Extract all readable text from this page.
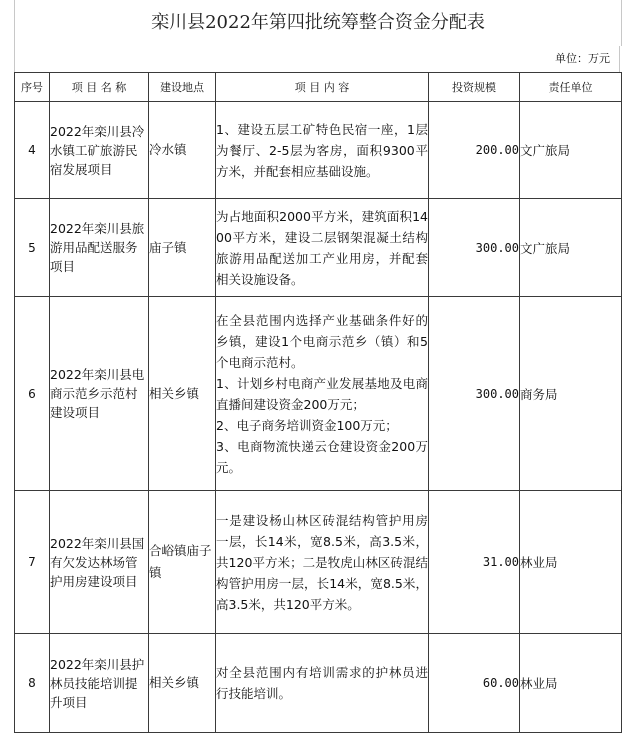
栾川县2022年第四批统筹整合资金分配表
单位：万元
序号	项 目 名 称	建设地点	项 目 内 容	投资规模	责任单位
4	2022年栾川县冷水镇工矿旅游民宿发展项目	冷水镇	1、建设五层工矿特色民宿一座，1层为餐厅、2-5层为客房，面积9300平方米，并配套相应基础设施。	200.00	文广旅局
5	2022年栾川县旅游用品配送服务项目	庙子镇	为占地面积2000平方米，建筑面积1400平方米，建设二层钢架混凝土结构旅游用品配送加工产业用房，并配套相关设施设备。	300.00	文广旅局
6	2022年栾川县电商示范乡示范村建设项目	相关乡镇	在全县范围内选择产业基础条件好的乡镇，建设1个电商示范乡（镇）和5个电商示范村。
1、计划乡村电商产业发展基地及电商直播间建设资金200万元；
2、电子商务培训资金100万元；
3、电商物流快递云仓建设资金200万元。	300.00	商务局
7	2022年栾川县国有欠发达林场管护用房建设项目	合峪镇庙子镇	一是建设杨山林区砖混结构管护用房一层，长14米，宽8.5米，高3.5米，共120平方米；二是牧虎山林区砖混结构管护用房一层，长14米，宽8.5米，高3.5米，共120平方米。	31.00	林业局
8	2022年栾川县护林员技能培训提升项目	相关乡镇	对全县范围内有培训需求的护林员进行技能培训。	60.00	林业局
